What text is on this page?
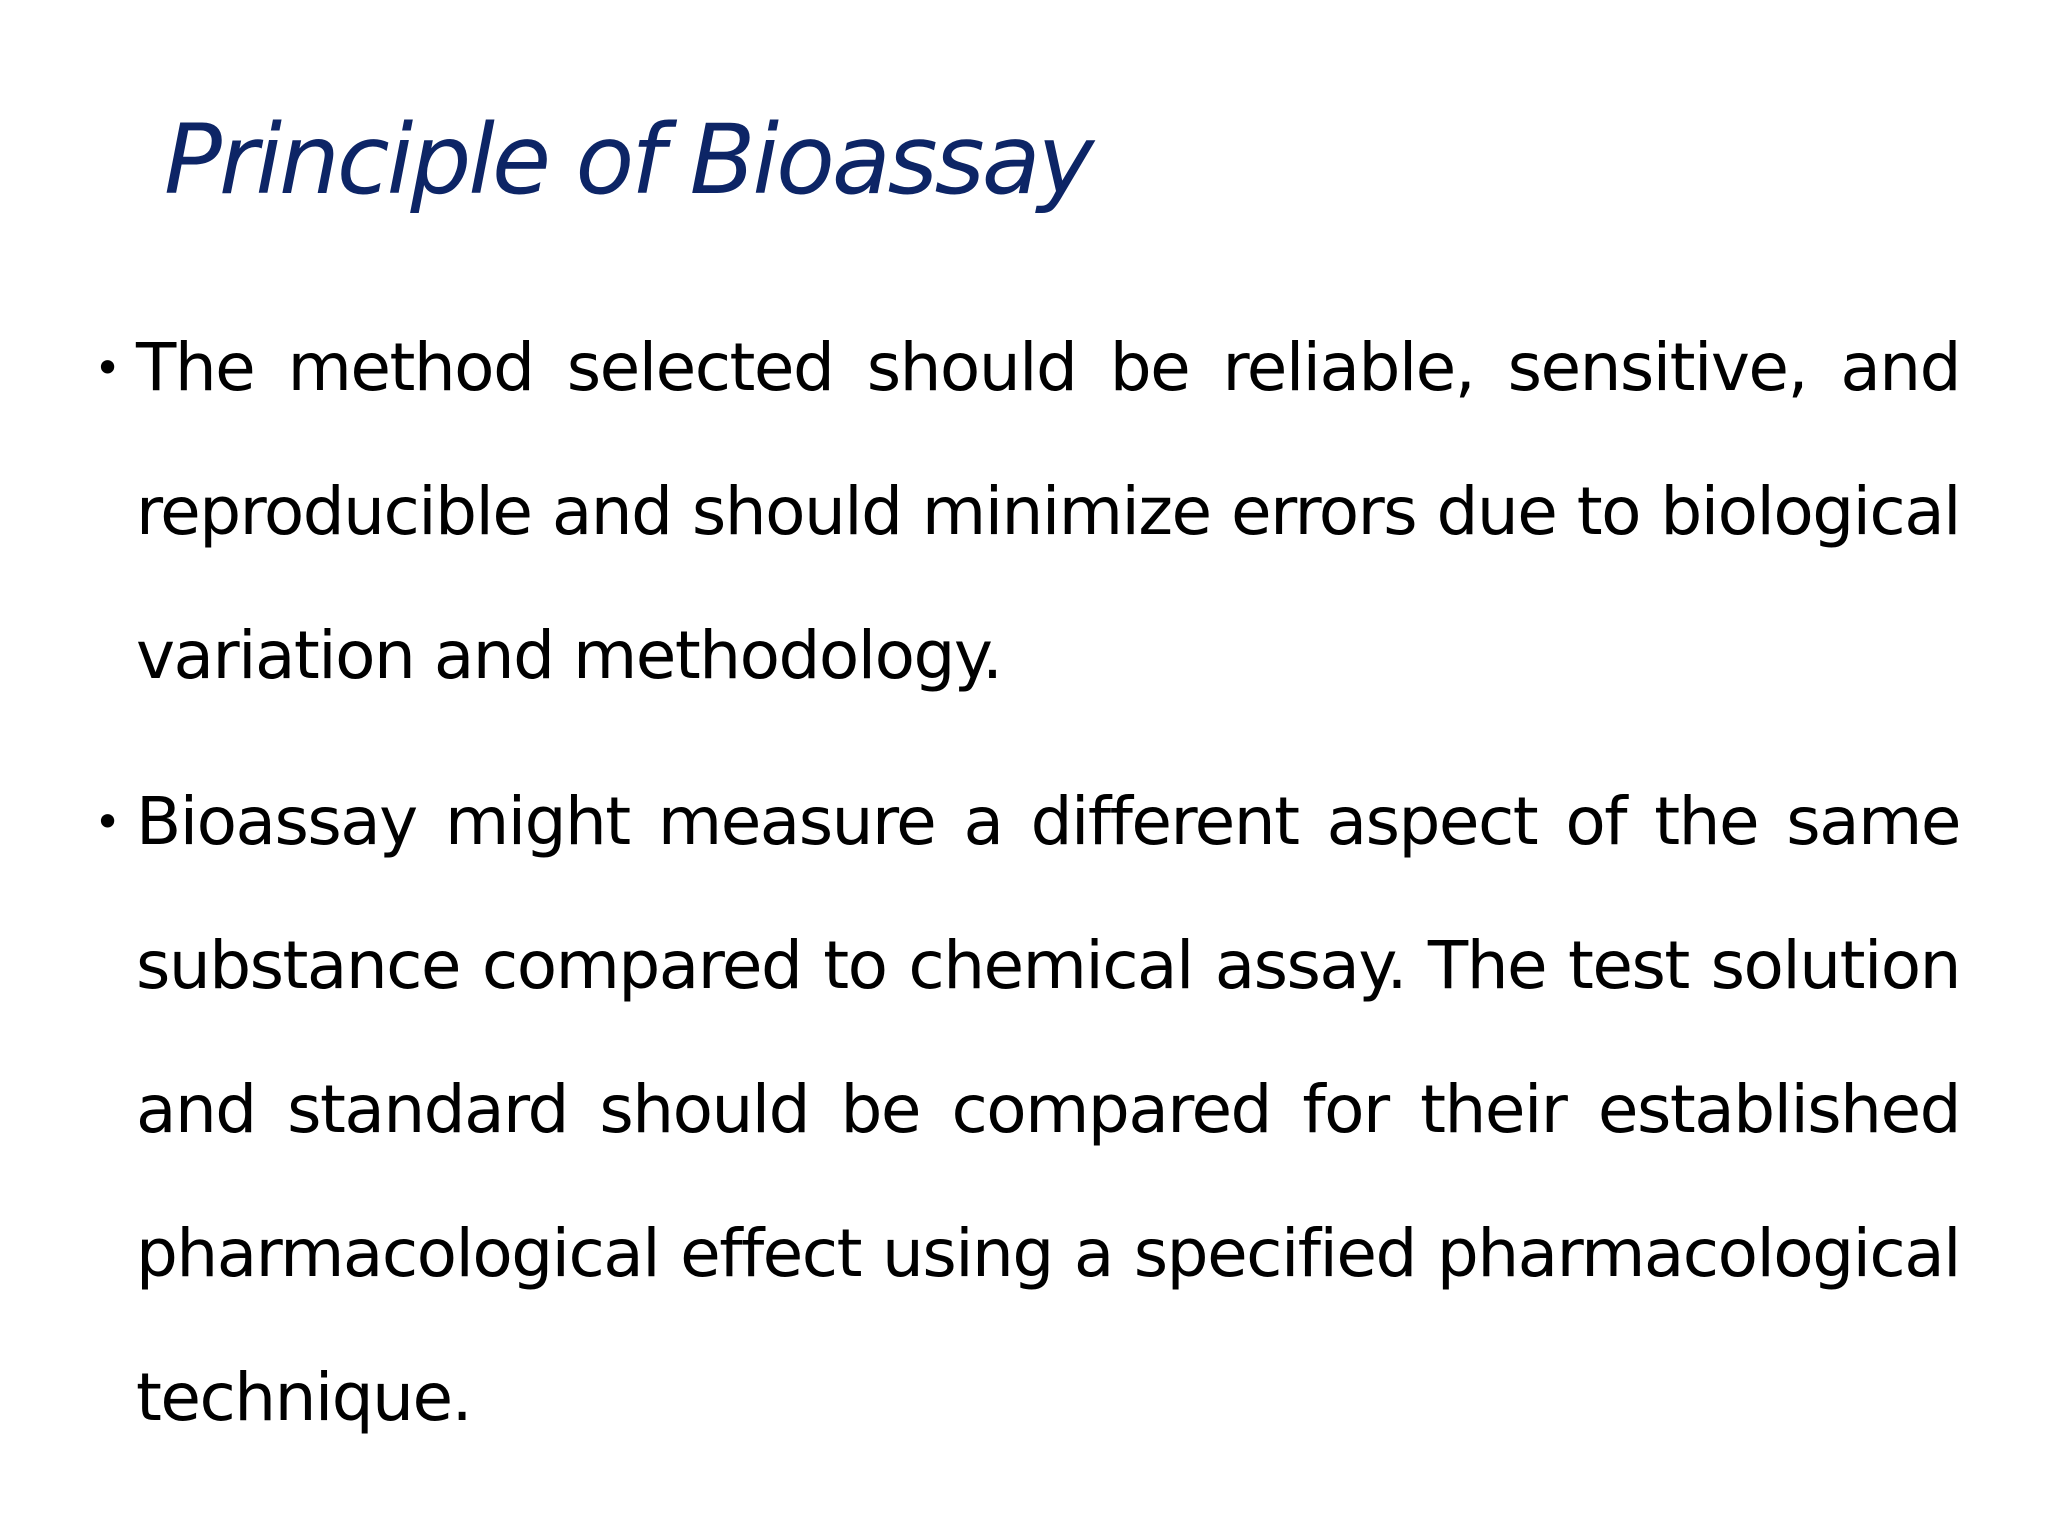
Principle of Bioassay
• The method selected should be reliable, sensitive, and reproducible and should minimize errors due to biological variation and methodology.
• Bioassay might measure a different aspect of the same substance compared to chemical assay. The test solution and standard should be compared for their established pharmacological effect using a specified pharmacological technique.
